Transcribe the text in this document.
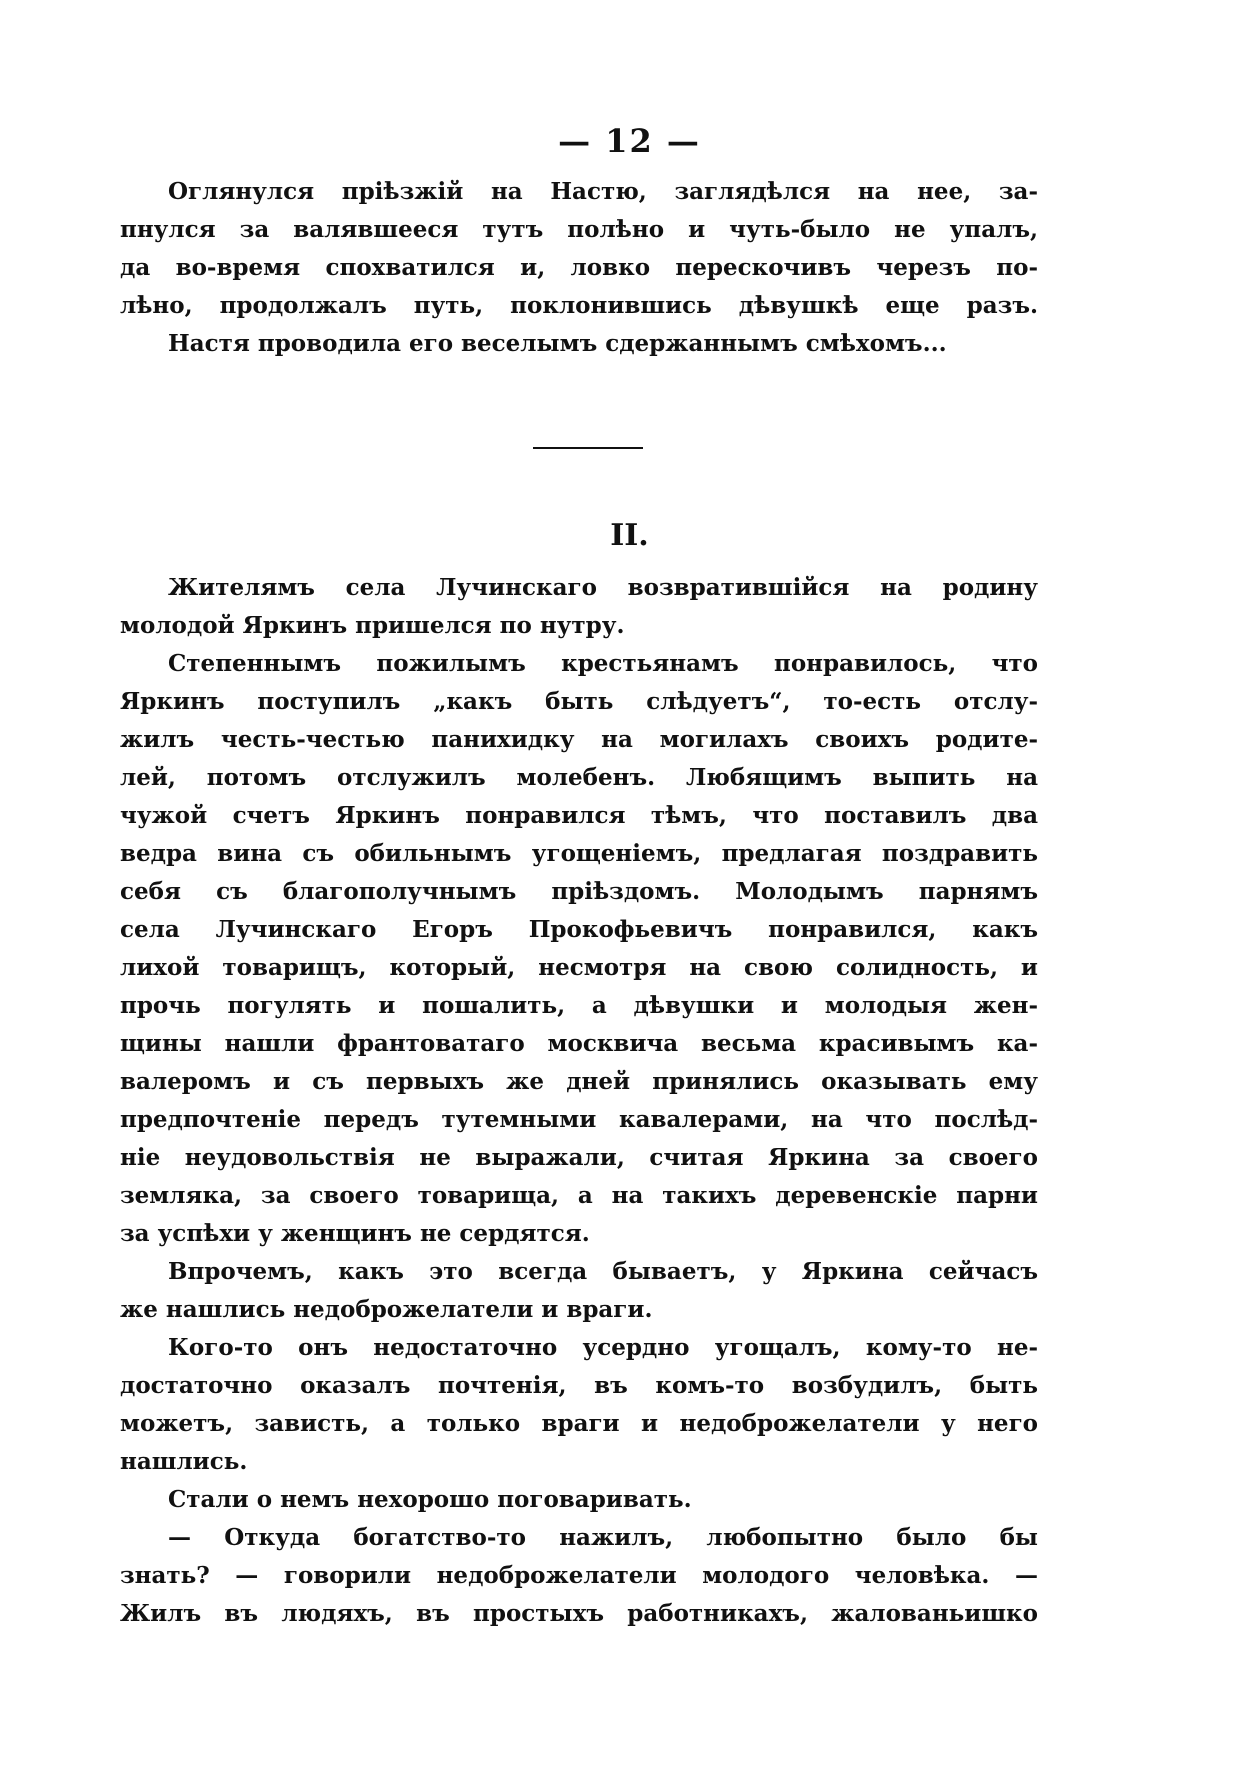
— 12 —
Оглянулся пріѣзжій на Настю, заглядѣлся на нее, за-
пнулся за валявшееся тутъ полѣно и чуть-было не упалъ,
да во-время спохватился и, ловко перескочивъ черезъ по-
лѣно, продолжалъ путь, поклонившись дѣвушкѣ еще разъ.
Настя проводила его веселымъ сдержаннымъ смѣхомъ...
II.
Жителямъ села Лучинскаго возвратившійся на родину
молодой Яркинъ пришелся по нутру.
Степеннымъ пожилымъ крестьянамъ понравилось, что
Яркинъ поступилъ „какъ быть слѣдуетъ“, то-есть отслу-
жилъ честь-честью панихидку на могилахъ своихъ родите-
лей, потомъ отслужилъ молебенъ. Любящимъ выпить на
чужой счетъ Яркинъ понравился тѣмъ, что поставилъ два
ведра вина съ обильнымъ угощеніемъ, предлагая поздравить
себя съ благополучнымъ пріѣздомъ. Молодымъ парнямъ
села Лучинскаго Егоръ Прокофьевичъ понравился, какъ
лихой товарищъ, который, несмотря на свою солидность, и
прочь погулять и пошалить, а дѣвушки и молодыя жен-
щины нашли франтоватаго москвича весьма красивымъ ка-
валеромъ и съ первыхъ же дней принялись оказывать ему
предпочтеніе передъ тутемными кавалерами, на что послѣд-
ніе неудовольствія не выражали, считая Яркина за своего
земляка, за своего товарища, а на такихъ деревенскіе парни
за успѣхи у женщинъ не сердятся.
Впрочемъ, какъ это всегда бываетъ, у Яркина сейчасъ
же нашлись недоброжелатели и враги.
Кого-то онъ недостаточно усердно угощалъ, кому-то не-
достаточно оказалъ почтенія, въ комъ-то возбудилъ, быть
можетъ, зависть, а только враги и недоброжелатели у него
нашлись.
Стали о немъ нехорошо поговаривать.
— Откуда богатство-то нажилъ, любопытно было бы
знать? — говорили недоброжелатели молодого человѣка. —
Жилъ въ людяхъ, въ простыхъ работникахъ, жалованьишко
